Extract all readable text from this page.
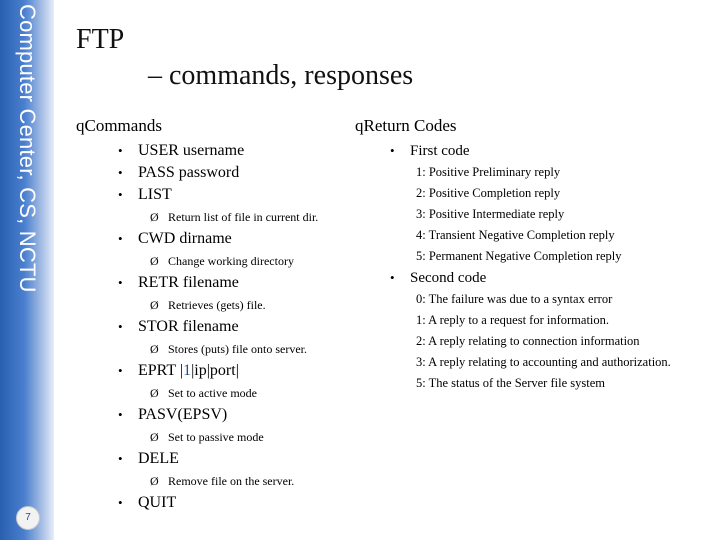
Computer Center, CS, NCTU
7
FTP
– commands, responses
q Commands
• USER username
• PASS password
• LIST
Ø Return list of file in current dir.
• CWD dirname
Ø Change working directory
• RETR filename
Ø Retrieves (gets) file.
• STOR filename
Ø Stores (puts) file onto server.
• EPRT |1|ip|port|
Ø Set to active mode
• PASV(EPSV)
Ø Set to passive mode
• DELE
Ø Remove file on the server.
• QUIT
q Return Codes
• First code
1: Positive Preliminary reply
2: Positive Completion reply
3: Positive Intermediate reply
4: Transient Negative Completion reply
5: Permanent Negative Completion reply
• Second code
0: The failure was due to a syntax error
1: A reply to a request for information.
2: A reply relating to connection information
3: A reply relating to accounting and authorization.
5: The status of the Server file system
